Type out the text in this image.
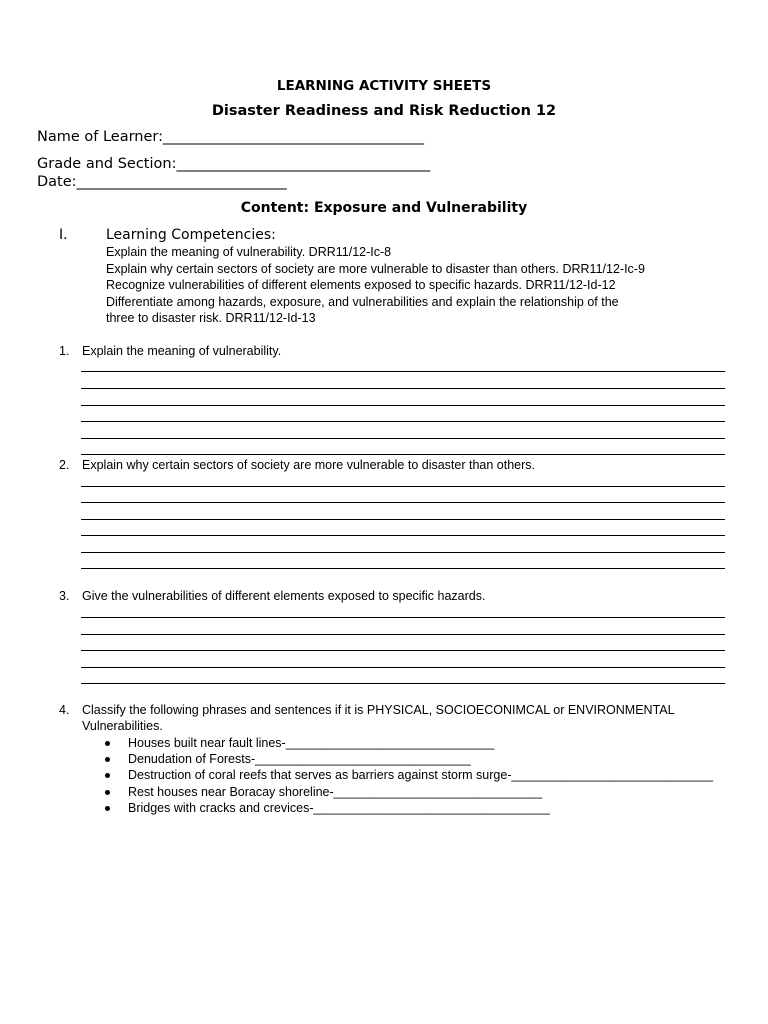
LEARNING ACTIVITY SHEETS
Disaster Readiness and Risk Reduction 12
Name of Learner:____________________________________
Grade and Section:___________________________________
Date:_____________________________
Content: Exposure and Vulnerability
I.	Learning Competencies:
Explain the meaning of vulnerability. DRR11/12-Ic-8
Explain why certain sectors of society are more vulnerable to disaster than others. DRR11/12-Ic-9
Recognize vulnerabilities of different elements exposed to specific hazards. DRR11/12-Id-12
Differentiate among hazards, exposure, and vulnerabilities and explain the relationship of the
three to disaster risk. DRR11/12-Id-13
1. Explain the meaning of vulnerability.
2. Explain why certain sectors of society are more vulnerable to disaster than others.
3. Give the vulnerabilities of different elements exposed to specific hazards.
4. Classify the following phrases and sentences if it is PHYSICAL, SOCIOECONIMCAL or ENVIRONMENTAL
Vulnerabilities.
Houses built near fault lines-______________________________
Denudation of Forests-_______________________________
Destruction of coral reefs that serves as barriers against storm surge-_____________________________
Rest houses near Boracay shoreline-______________________________
Bridges with cracks and crevices-__________________________________
